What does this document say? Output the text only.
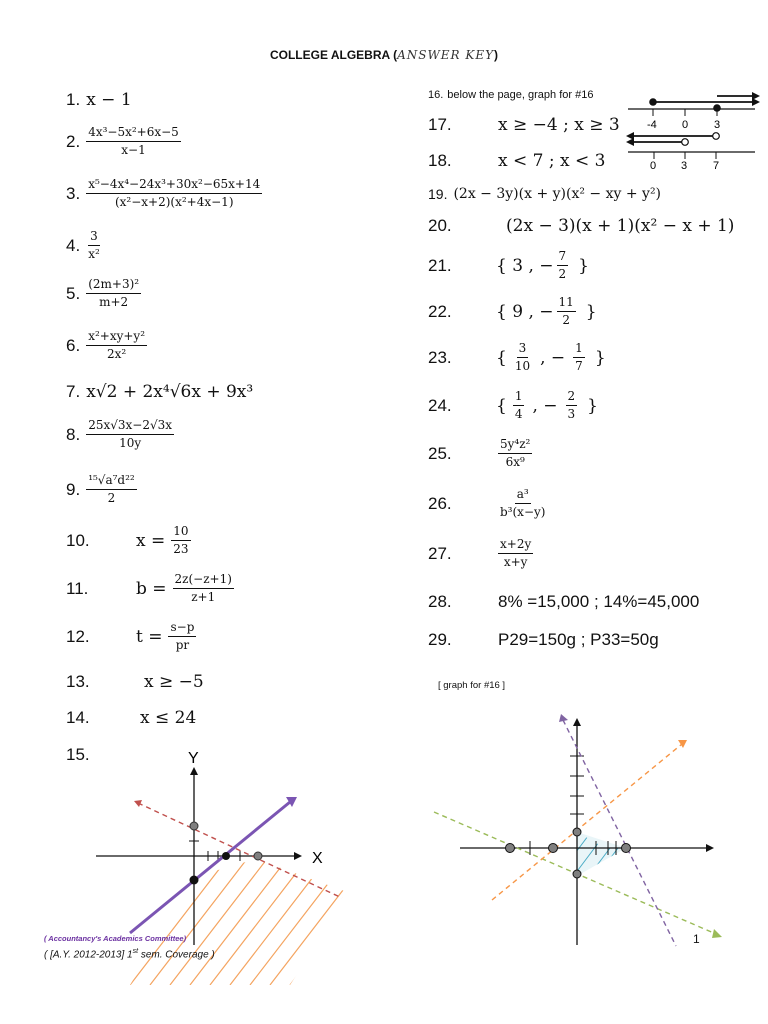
COLLEGE ALGEBRA (ANSWER KEY)
1. x − 1
2. $\frac{\text{4x³−5x²+6x−5}}{x-1}$
3. $\frac{\text{x⁵−4x⁴−24x³+30x²−65x+14}}{\text{(x²−x+2)(x²+4x−1)}}$
4. $\frac{3}{\text{x²}}$
5. $\frac{\text{(2m+3)²}}{m+2}$
6. $\frac{\text{x²+xy+y²}}{\text{2x²}}$
7. x√2 + 2x⁴√6x + 9x³
8. $\frac{25x√3x-2√3x}{10y}$
9. $\frac{\text{¹⁵√a⁷d²²}}{2}$
10.	$x = \frac{10}{23}$
11.	$b = \frac{2z(-z+1)}{z+1}$
12.	$t = \frac{s-p}{pr}$
13.	x ≥ −5
14.	x ≤ 24
15.
16. below the page, graph for #16
17.	x ≥ −4 ; x ≥ 3
18.	x < 7 ; x < 3
19. (2x − 3y)(x + y)(x² − xy + y²)
20.	(2x − 3)(x + 1)(x² − x + 1)
21.	{ 3 , − $\frac{7}{2}$ }
22.	{ 9 , − $\frac{11}{2}$ }
23.	{ $\frac{3}{10}$ , − $\frac{1}{7}$ }
24.	{ $\frac{1}{4}$ , − $\frac{2}{3}$ }
25.	$\frac{\text{5y⁴z²}}{\text{6x⁹}}$
26.	$\frac{\text{a³}}{\text{b³(x−y)}}$
27.	$\frac{x+2y}{x+y}$
28.	8% =15,000 ; 14%=45,000
29.	P29=150g ; P33=50g
-4 0 3
0 3 7
Y
X
[ graph for #16 ]
( Accountancy's Academics Committee)
( [A.Y. 2012-2013] 1st sem. Coverage )
1
